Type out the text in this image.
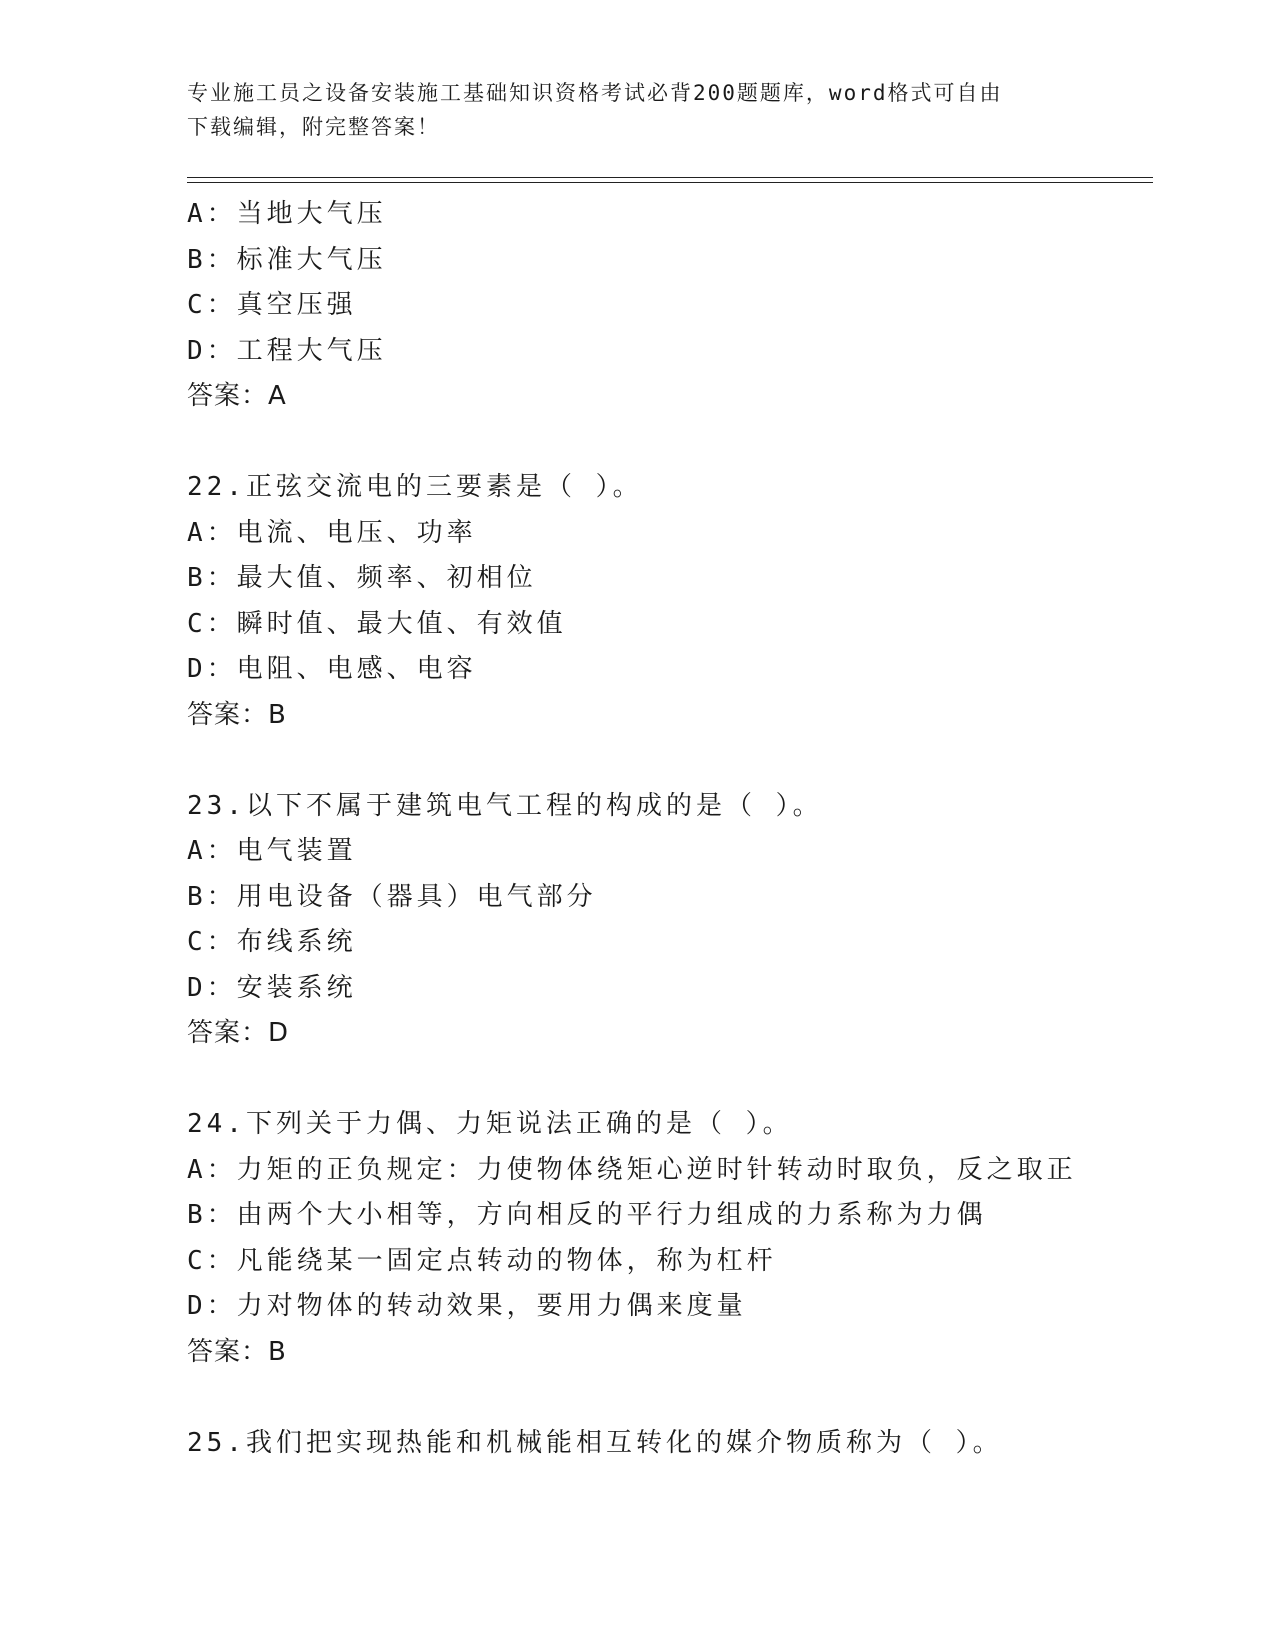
专业施工员之设备安装施工基础知识资格考试必背200题题库，word格式可自由
下载编辑，附完整答案！
A：当地大气压
B：标准大气压
C：真空压强
D：工程大气压
答案：A
22.正弦交流电的三要素是（ ）。
A：电流、电压、功率
B：最大值、频率、初相位
C：瞬时值、最大值、有效值
D：电阻、电感、电容
答案：B
23.以下不属于建筑电气工程的构成的是（ ）。
A：电气装置
B：用电设备（器具）电气部分
C：布线系统
D：安装系统
答案：D
24.下列关于力偶、力矩说法正确的是（ ）。
A：力矩的正负规定：力使物体绕矩心逆时针转动时取负，反之取正
B：由两个大小相等，方向相反的平行力组成的力系称为力偶
C：凡能绕某一固定点转动的物体，称为杠杆
D：力对物体的转动效果，要用力偶来度量
答案：B
25.我们把实现热能和机械能相互转化的媒介物质称为（ ）。
